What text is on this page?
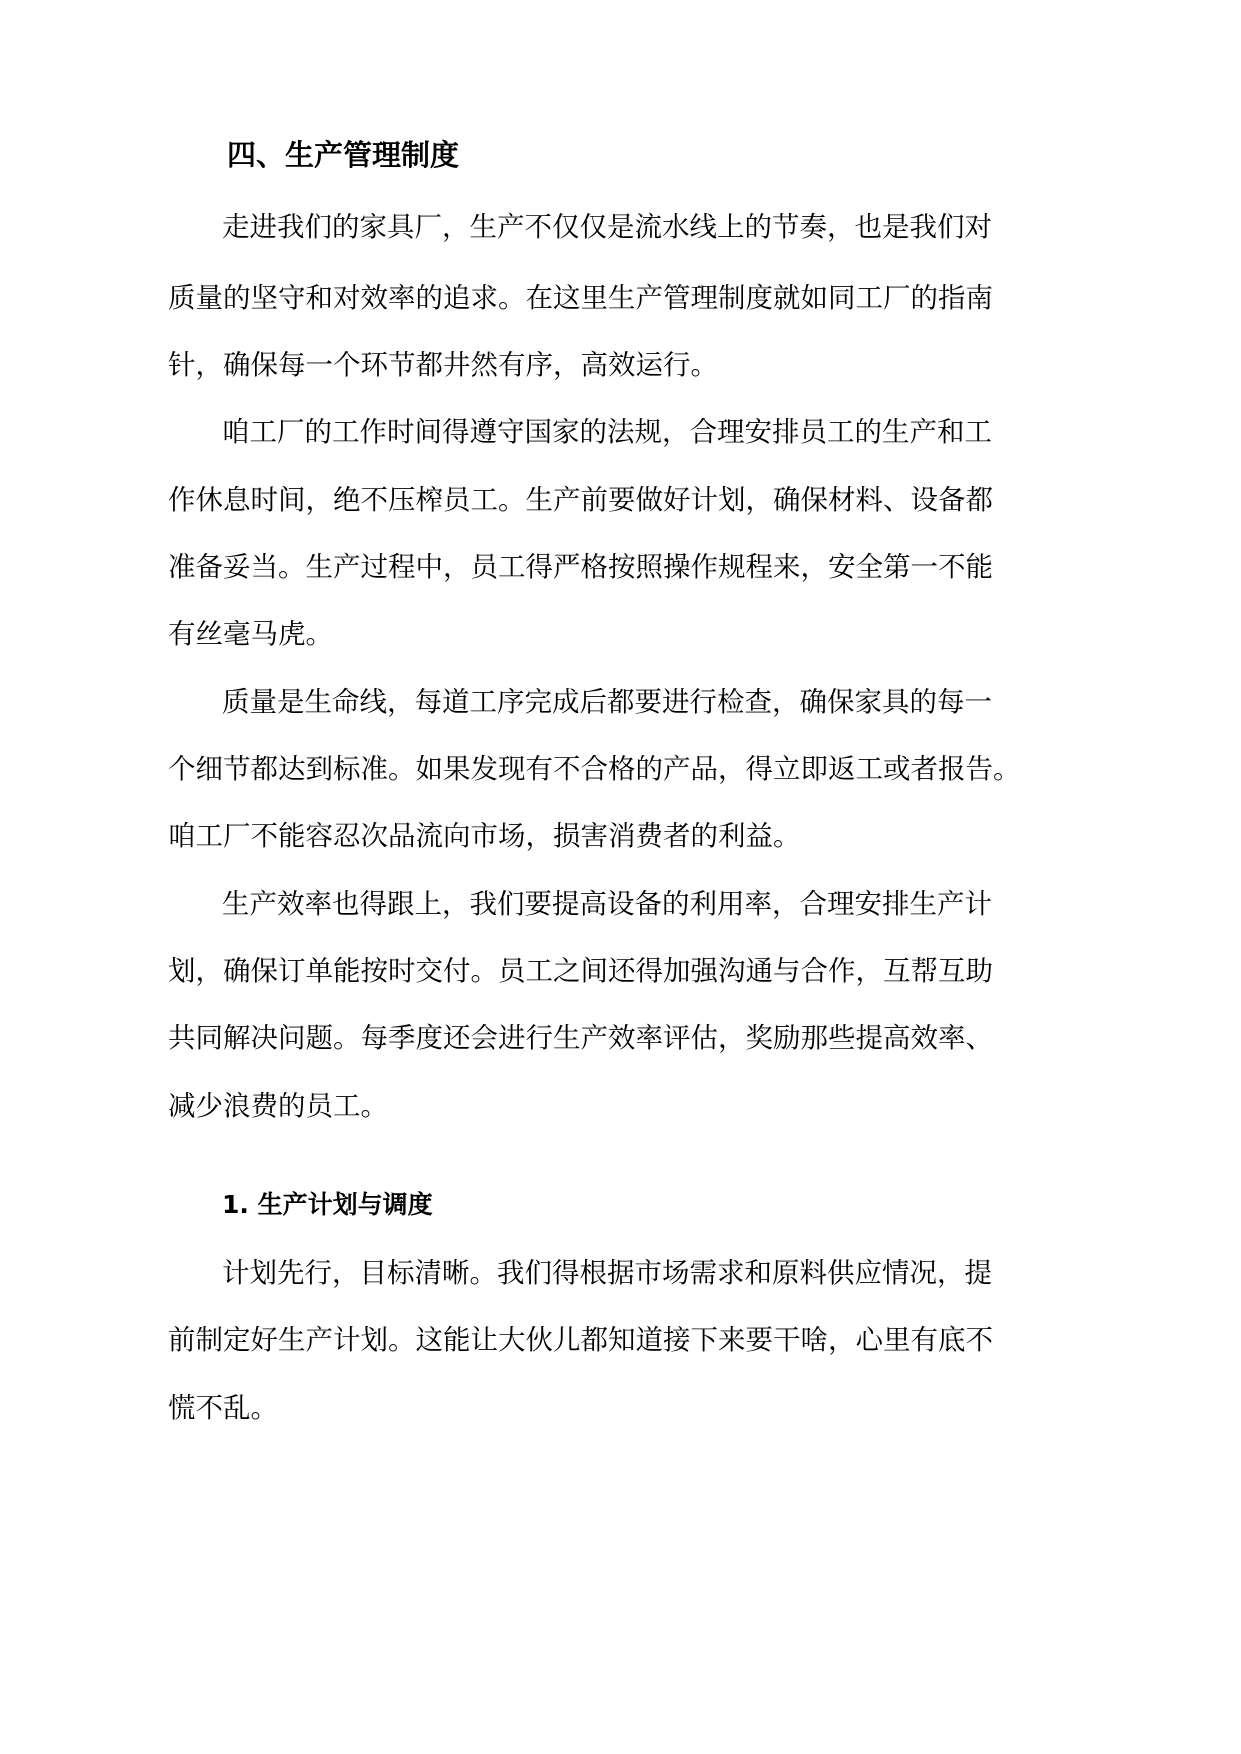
四、生产管理制度

走进我们的家具厂，生产不仅仅是流水线上的节奏，也是我们对

质量的坚守和对效率的追求。在这里生产管理制度就如同工厂的指南

针，确保每一个环节都井然有序，高效运行。

咱工厂的工作时间得遵守国家的法规，合理安排员工的生产和工

作休息时间，绝不压榨员工。生产前要做好计划，确保材料、设备都

准备妥当。生产过程中，员工得严格按照操作规程来，安全第一不能

有丝毫马虎。

质量是生命线，每道工序完成后都要进行检查，确保家具的每一

个细节都达到标准。如果发现有不合格的产品，得立即返工或者报告。

咱工厂不能容忍次品流向市场，损害消费者的利益。

生产效率也得跟上，我们要提高设备的利用率，合理安排生产计

划，确保订单能按时交付。员工之间还得加强沟通与合作，互帮互助

共同解决问题。每季度还会进行生产效率评估，奖励那些提高效率、

减少浪费的员工。

1. 生产计划与调度

计划先行，目标清晰。我们得根据市场需求和原料供应情况，提

前制定好生产计划。这能让大伙儿都知道接下来要干啥，心里有底不

慌不乱。
